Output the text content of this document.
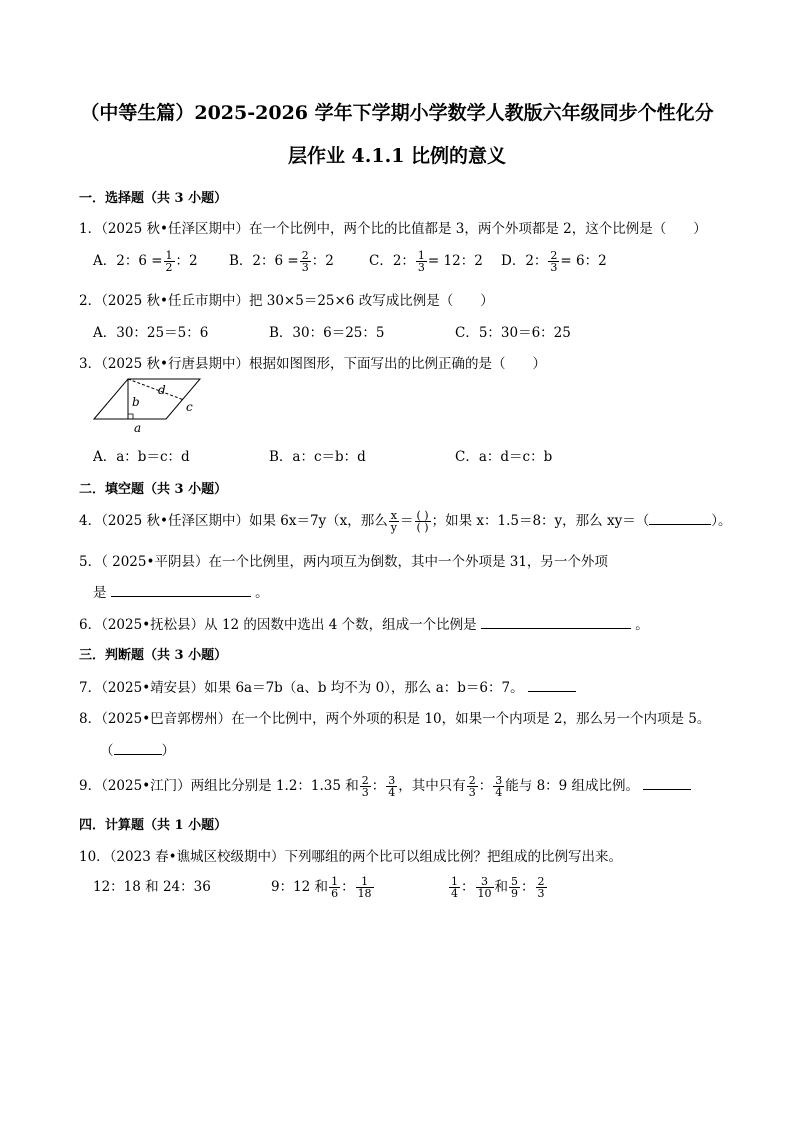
（中等生篇）2025-2026 学年下学期小学数学人教版六年级同步个性化分
层作业 4.1.1 比例的意义
一．选择题（共 3 小题）
1．（2025 秋•任泽区期中）在一个比例中，两个比的比值都是 3，两个外项都是 2，这个比例是（　　）
A．2：$6 = \frac{1}{2}$ ：2 B．2：$6 = \frac{2}{3}$ ：2	C．2： $\frac{1}{3} = 12$：2 D．2： $\frac{2}{3} = 6$：2
2．（2025 秋•任丘市期中）把 30×5＝25×6 改写成比例是（　　）
A．30：25＝5：6	B．30：6＝25：5	C．5：30＝6：25
3．（2025 秋•行唐县期中）根据如图图形，下面写出的比例正确的是（　　）
b
d
c
a
A．a：b＝c：d	B．a：c＝b：d	C．a：d＝c：b
二．填空题（共 3 小题）
4．（2025 秋•任泽区期中）如果 6x＝7y（x，那么 $\frac{x}{y} = \frac{( )}{( )}$ ；如果 x：1.5＝8：y，那么 xy＝（	）。
5．（ 2025•平阴县）在一个比例里，两内项互为倒数，其中一个外项是 31，另一个外项
是	。
6．（2025•抚松县）从 12 的因数中选出 4 个数，组成一个比例是	。
三．判断题（共 3 小题）
7．（2025•靖安县）如果 6a＝7b（a、b 均不为 0），那么 a：b＝6：7。
8．（2025•巴音郭楞州）在一个比例中，两个外项的积是 10，如果一个内项是 2，那么另一个内项是 5。
（	）
9．（2025•江门）两组比分别是 1.2：1.35 和 $\frac{2}{3}$ ： $\frac{3}{4}$ ，其中只有 $\frac{2}{3}$ ： $\frac{3}{4}$ 能与 8：9 组成比例。
四．计算题（共 1 小题）
10．（2023 春•谯城区校级期中）下列哪组的两个比可以组成比例？把组成的比例写出来。
12：18 和 24：36	9：12 和 $\frac{1}{6}$ ： $\frac{1}{18}$	$\frac{1}{4}$ ： $\frac{3}{10}$ 和 $\frac{5}{9}$ ： $\frac{2}{3}$
